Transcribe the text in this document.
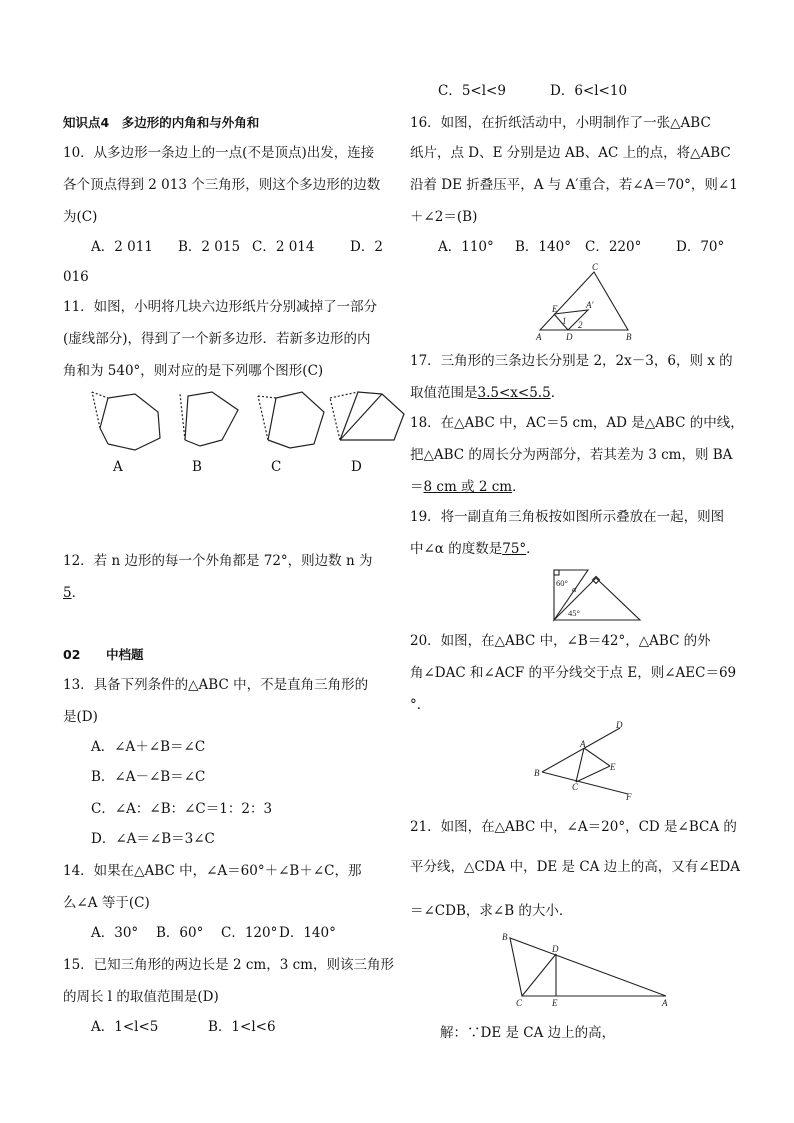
知识点4　多边形的内角和与外角和
10．从多边形一条边上的一点(不是顶点)出发，连接
各个顶点得到 2 013 个三角形，则这个多边形的边数
为(C)
A．2 011 B．2 015 C．2 014	D．2
016
11．如图，小明将几块六边形纸片分别减掉了一部分
(虚线部分)，得到了一个新多边形．若新多边形的内
角和为 540°，则对应的是下列哪个图形(C)
A	B	C	D
12．若 n 边形的每一个外角都是 72°，则边数 n 为
5．
02 中档题
13．具备下列条件的△ABC 中，不是直角三角形的
是(D)
A．∠A＋∠B＝∠C
B．∠A－∠B＝∠C
C．∠A：∠B：∠C＝1：2：3
D．∠A＝∠B＝3∠C
14．如果在△ABC 中，∠A＝60°＋∠B＋∠C，那
么∠A 等于(C)
A．30° B．60° C．120° D．140°
15．已知三角形的两边长是 2 cm，3 cm，则该三角形
的周长 l 的取值范围是(D)
A．1<l<5	B．1<l<6
C．5<l<9	D．6<l<10
16．如图，在折纸活动中，小明制作了一张△ABC
纸片，点 D、E 分别是边 AB、AC 上的点，将△ABC
沿着 DE 折叠压平，A 与 A′重合，若∠A＝70°，则∠1
＋∠2＝(B)
A．110° B．140° C．220°	D．70°
C
E	A′
1 2
A	D	B
17．三角形的三条边长分别是 2，2x－3，6，则 x 的
取值范围是3.5<x<5.5．
18．在△ABC 中，AC＝5 cm，AD 是△ABC 的中线，
把△ABC 的周长分为两部分，若其差为 3 cm，则 BA
＝8 cm 或 2 cm．
19．将一副直角三角板按如图所示叠放在一起，则图
中∠α 的度数是75°．
60°
α
45°
20．如图，在△ABC 中，∠B＝42°，△ABC 的外
角∠DAC 和∠ACF 的平分线交于点 E，则∠AEC＝69
°．
D
A
E
B
C
F
21．如图，在△ABC 中，∠A＝20°，CD 是∠BCA 的
平分线，△CDA 中，DE 是 CA 边上的高，又有∠EDA
＝∠CDB，求∠B 的大小．
B
D
C	E	A
解：∵DE 是 CA 边上的高，
